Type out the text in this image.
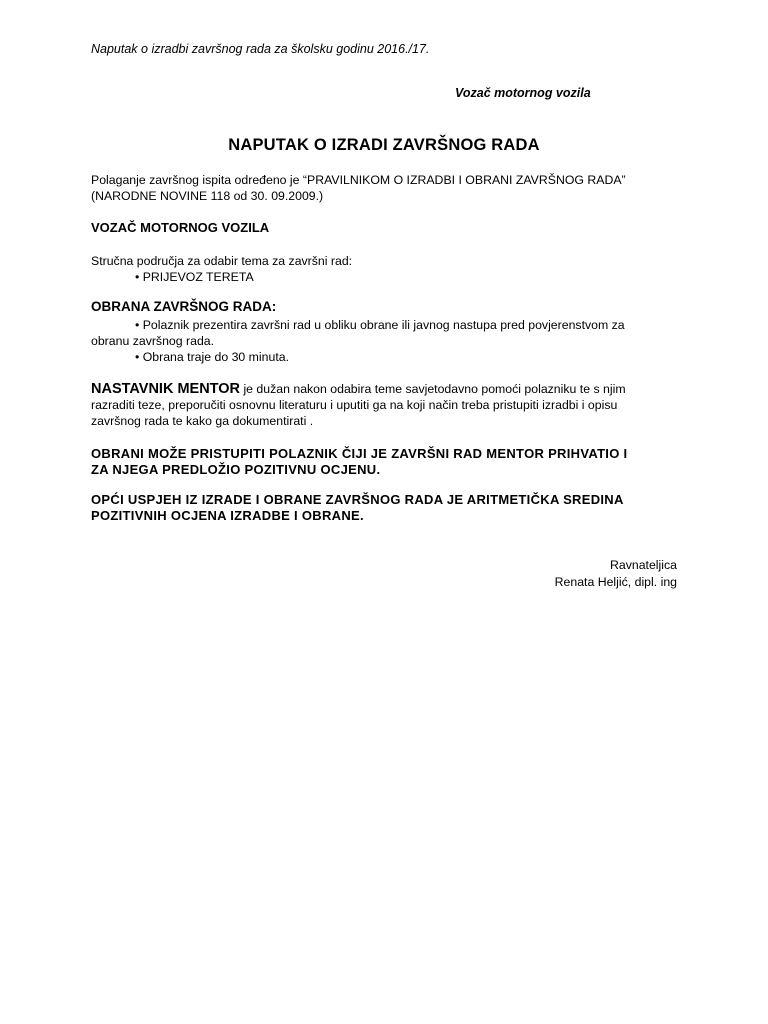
Naputak o izradbi završnog rada za školsku godinu 2016./17.
Vozač motornog vozila
NAPUTAK O IZRADI ZAVRŠNOG RADA
Polaganje završnog ispita određeno je “PRAVILNIKOM O IZRADBI I OBRANI ZAVRŠNOG RADA”
(NARODNE NOVINE 118 od 30. 09.2009.)
VOZAČ MOTORNOG VOZILA
Stručna područja za odabir tema za završni rad:
• PRIJEVOZ TERETA
OBRANA ZAVRŠNOG RADA:
• Polaznik prezentira završni rad u obliku obrane ili javnog nastupa pred povjerenstvom za
obranu završnog rada.
• Obrana traje do 30 minuta.
NASTAVNIK MENTOR je dužan nakon odabira teme savjetodavno pomoći polazniku te s njim
razraditi teze, preporučiti osnovnu literaturu i uputiti ga na koji način treba pristupiti izradbi i opisu
završnog rada te kako ga dokumentirati .
OBRANI MOŽE PRISTUPITI POLAZNIK ČIJI JE ZAVRŠNI RAD MENTOR PRIHVATIO I
ZA NJEGA PREDLOŽIO POZITIVNU OCJENU.
OPĆI USPJEH IZ IZRADE I OBRANE ZAVRŠNOG RADA JE ARITMETIČKA SREDINA
POZITIVNIH OCJENA IZRADBE I OBRANE.
Ravnateljica
Renata Heljić, dipl. ing
